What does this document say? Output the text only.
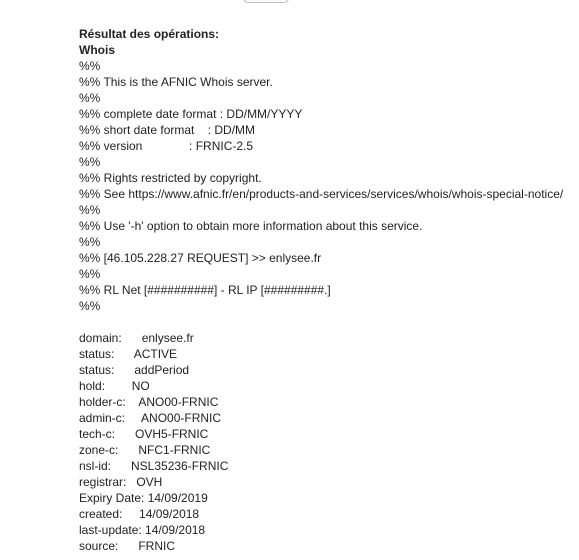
Résultat des opérations:
Whois
%%
%% This is the AFNIC Whois server.
%%
%% complete date format : DD/MM/YYYY
%% short date format    : DD/MM
%% version              : FRNIC-2.5
%%
%% Rights restricted by copyright.
%% See https://www.afnic.fr/en/products-and-services/services/whois/whois-special-notice/
%%
%% Use '-h' option to obtain more information about this service.
%%
%% [46.105.228.27 REQUEST] >> enlysee.fr
%%
%% RL Net [##########] - RL IP [#########.]
%%
domain:      enlysee.fr
status:      ACTIVE
status:      addPeriod
hold:        NO
holder-c:    ANO00-FRNIC
admin-c:     ANO00-FRNIC
tech-c:      OVH5-FRNIC
zone-c:      NFC1-FRNIC
nsl-id:      NSL35236-FRNIC
registrar:   OVH
Expiry Date: 14/09/2019
created:     14/09/2018
last-update: 14/09/2018
source:      FRNIC
